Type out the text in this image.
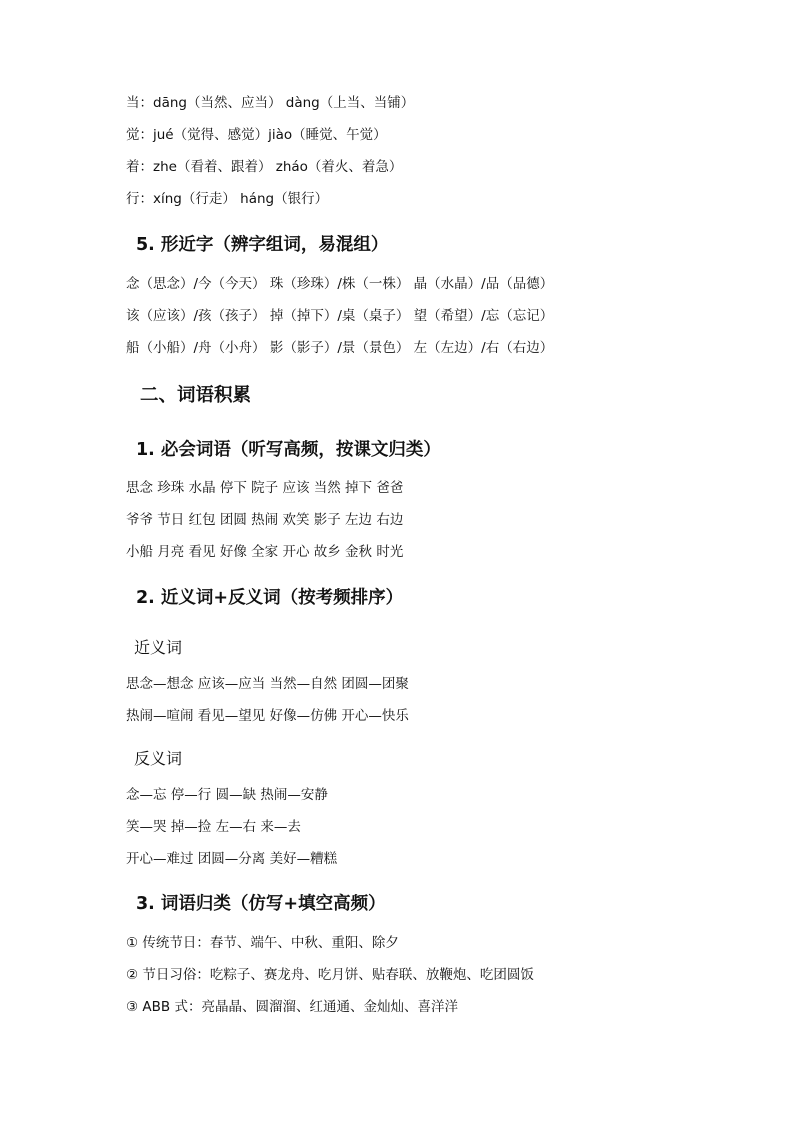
当：dāng（当然、应当） dàng（上当、当铺）
觉：jué（觉得、感觉）jiào（睡觉、午觉）
着：zhe（看着、跟着） zháo（着火、着急）
行：xíng（行走） háng（银行）
5. 形近字（辨字组词，易混组）
念（思念）/今（今天） 珠（珍珠）/株（一株） 晶（水晶）/品（品德）
该（应该）/孩（孩子） 掉（掉下）/桌（桌子） 望（希望）/忘（忘记）
船（小船）/舟（小舟） 影（影子）/景（景色） 左（左边）/右（右边）
二、词语积累
1. 必会词语（听写高频，按课文归类）
思念 珍珠 水晶 停下 院子 应该 当然 掉下 爸爸
爷爷 节日 红包 团圆 热闹 欢笑 影子 左边 右边
小船 月亮 看见 好像 全家 开心 故乡 金秋 时光
2. 近义词+反义词（按考频排序）
近义词
思念—想念 应该—应当 当然—自然 团圆—团聚
热闹—喧闹 看见—望见 好像—仿佛 开心—快乐
反义词
念—忘 停—行 圆—缺 热闹—安静
笑—哭 掉—捡 左—右 来—去
开心—难过 团圆—分离 美好—糟糕
3. 词语归类（仿写+填空高频）
① 传统节日：春节、端午、中秋、重阳、除夕
② 节日习俗：吃粽子、赛龙舟、吃月饼、贴春联、放鞭炮、吃团圆饭
③ ABB 式：亮晶晶、圆溜溜、红通通、金灿灿、喜洋洋
